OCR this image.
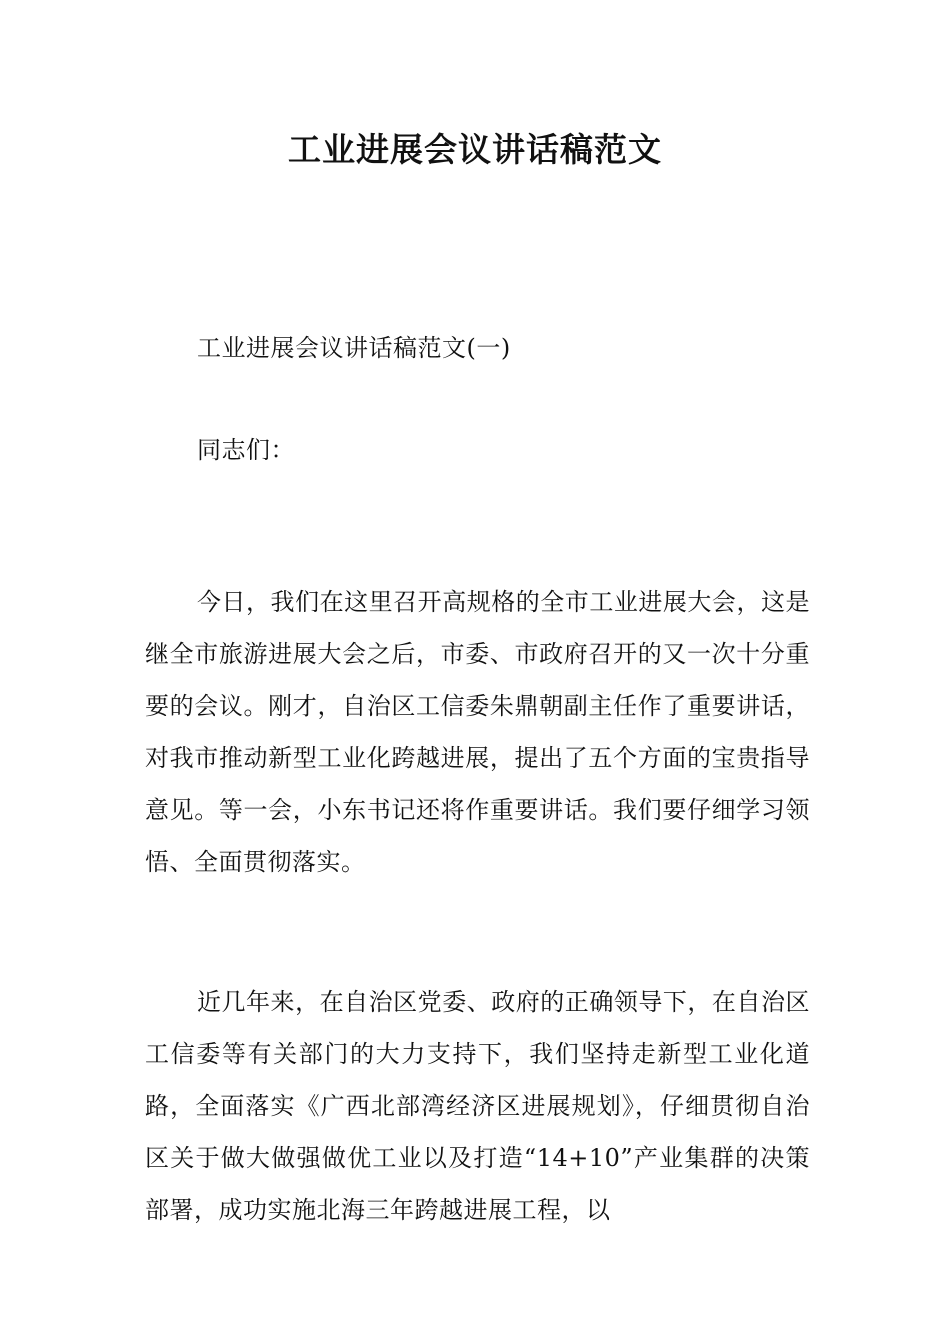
工业进展会议讲话稿范文

工业进展会议讲话稿范文(一)

同志们：

今日，我们在这里召开高规格的全市工业进展大会，这是继全市旅游进展大会之后，市委、市政府召开的又一次十分重要的会议。刚才，自治区工信委朱鼎朝副主任作了重要讲话，对我市推动新型工业化跨越进展，提出了五个方面的宝贵指导意见。等一会，小东书记还将作重要讲话。我们要仔细学习领悟、全面贯彻落实。

近几年来，在自治区党委、政府的正确领导下，在自治区工信委等有关部门的大力支持下，我们坚持走新型工业化道路，全面落实《广西北部湾经济区进展规划》，仔细贯彻自治区关于做大做强做优工业以及打造“14+10”产业集群的决策部署，成功实施北海三年跨越进展工程，以
